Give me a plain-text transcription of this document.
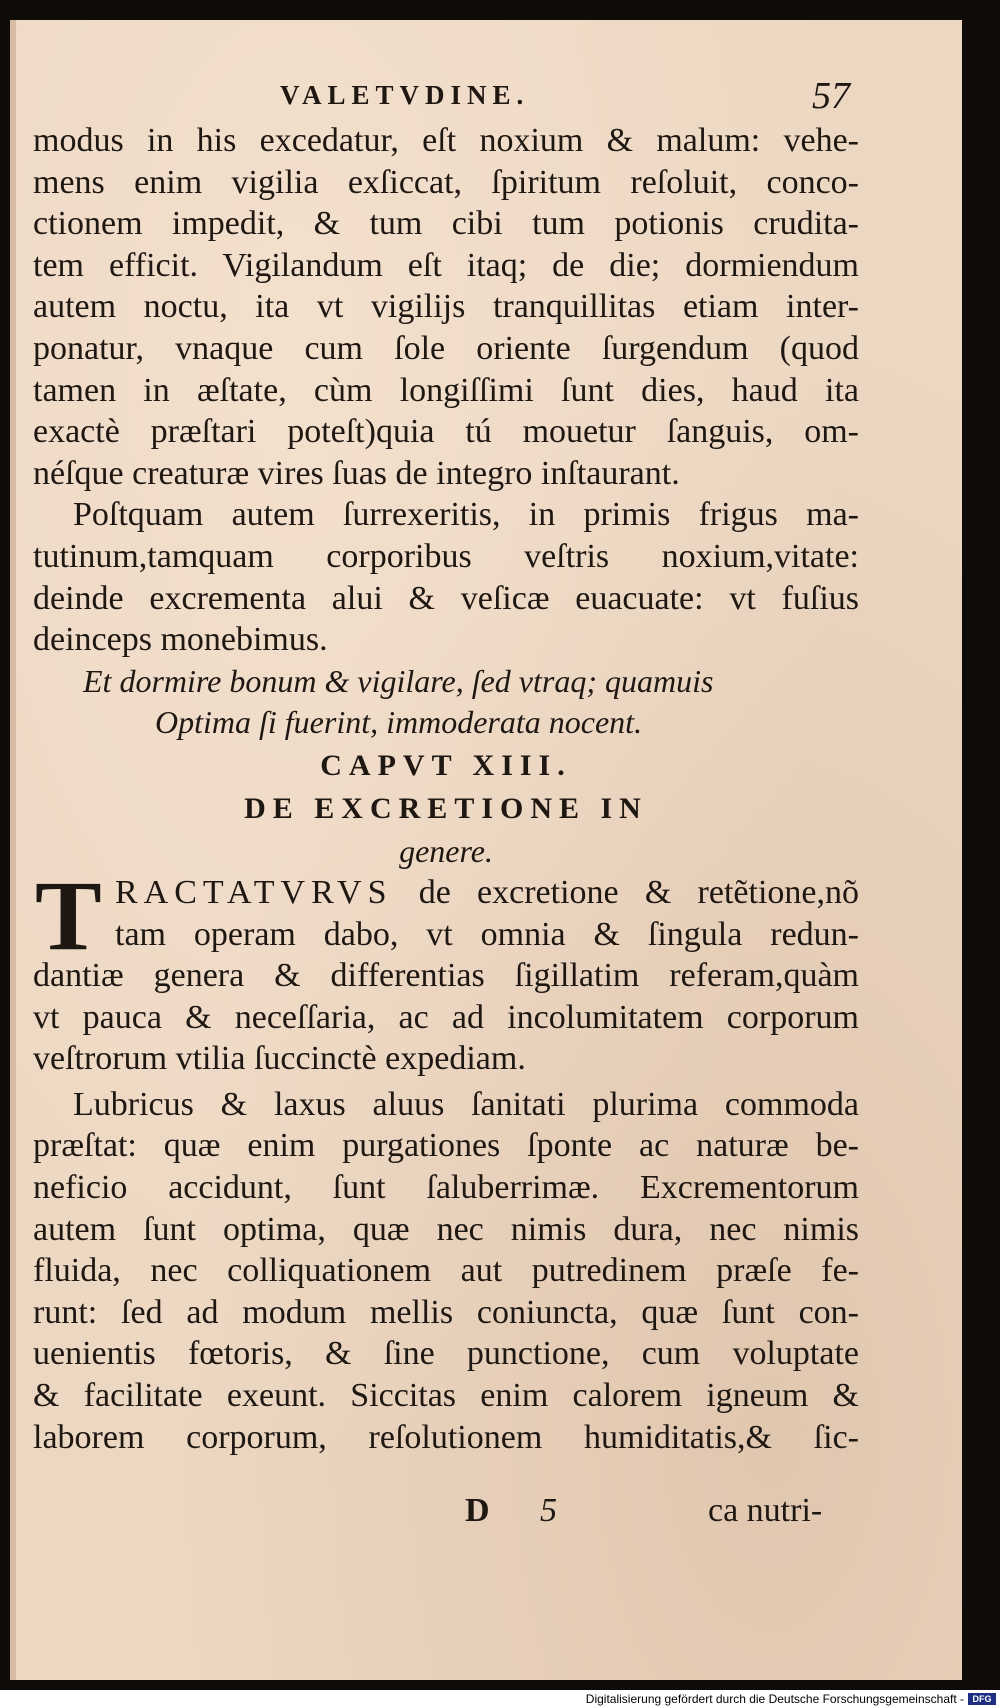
VALETVDINE.	57
modus in his excedatur, eſt noxium & malum: vehe-
mens enim vigilia exſiccat, ſpiritum reſoluit, conco-
ctionem impedit, & tum cibi tum potionis crudita-
tem efficit. Vigilandum eſt itaq; de die; dormiendum
autem noctu, ita vt vigilijs tranquillitas etiam inter-
ponatur, vnaque cum ſole oriente ſurgendum (quod
tamen in æſtate, cùm longiſſimi ſunt dies, haud ita
exactè præſtari poteſt)quia tú mouetur ſanguis, om-
néſque creaturæ vires ſuas de integro inſtaurant.
Poſtquam autem ſurrexeritis, in primis frigus ma-
tutinum,tamquam corporibus veſtris noxium,vitate:
deinde excrementa alui & veſicæ euacuate: vt fuſius
deinceps monebimus.
Et dormire bonum & vigilare, ſed vtraq; quamuis
Optima ſi fuerint, immoderata nocent.
CAPVT XIII.
DE EXCRETIONE IN
genere.
T RACTATVRVS de excretione & retẽtione,nõ
tam operam dabo, vt omnia & ſingula redun-
dantiæ genera & differentias ſigillatim referam,quàm
vt pauca & neceſſaria, ac ad incolumitatem corporum
veſtrorum vtilia ſuccinctè expediam.
Lubricus & laxus aluus ſanitati plurima commoda
præſtat: quæ enim purgationes ſponte ac naturæ be-
neficio accidunt, ſunt ſaluberrimæ. Excrementorum
autem ſunt optima, quæ nec nimis dura, nec nimis
fluida, nec colliquationem aut putredinem præſe fe-
runt: ſed ad modum mellis coniuncta, quæ ſunt con-
uenientis fœtoris, & ſine punctione, cum voluptate
& facilitate exeunt. Siccitas enim calorem igneum &
laborem corporum, reſolutionem humiditatis,& ſic-
D 5	ca nutri-
Digitalisierung gefördert durch die Deutsche Forschungsgemeinschaft - DFG
